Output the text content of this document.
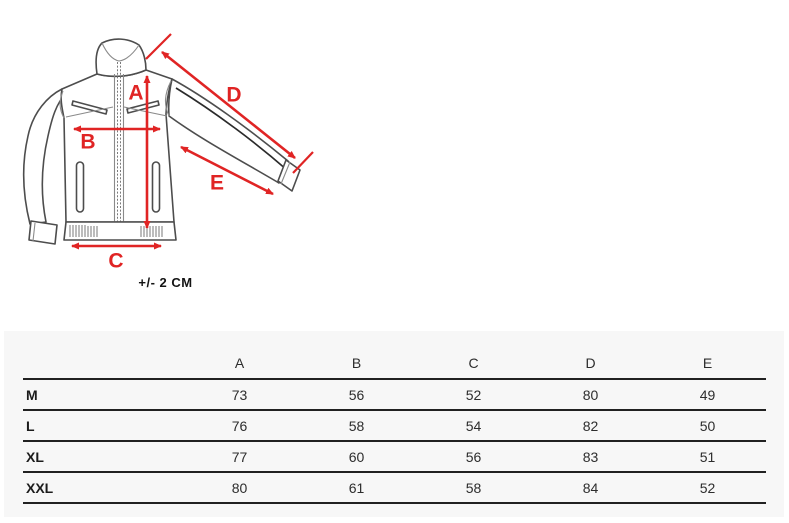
A
B
C
D
E
+/- 2 CM
	A	B	C	D	E
M	73	56	52	80	49
L	76	58	54	82	50
XL	77	60	56	83	51
XXL	80	61	58	84	52
